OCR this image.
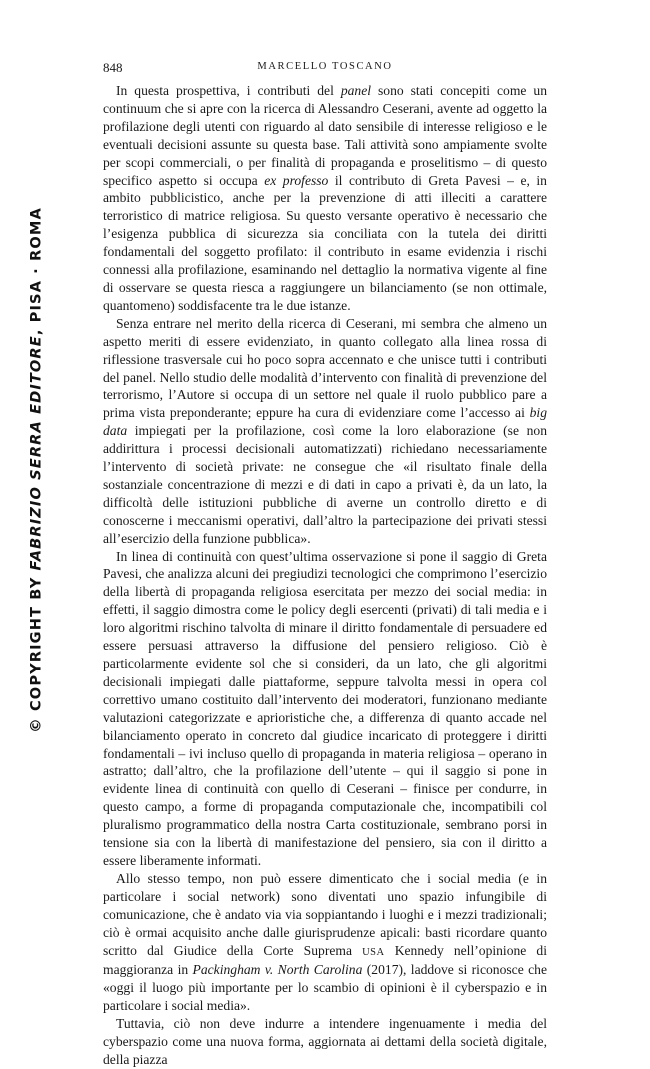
© COPYRIGHT BY FABRIZIO SERRA EDITORE, PISA · ROMA
848	MARCELLO TOSCANO

In questa prospettiva, i contributi del panel sono stati concepiti come un continuum che si apre con la ricerca di Alessandro Ceserani, avente ad oggetto la profilazione degli utenti con riguardo al dato sensibile di interesse religioso e le eventuali decisioni assunte su questa base. Tali attività sono ampiamente svolte per scopi commerciali, o per finalità di propaganda e proselitismo – di questo specifico aspetto si occupa ex professo il contributo di Greta Pavesi – e, in ambito pubblicistico, anche per la prevenzione di atti illeciti a carattere terroristico di matrice religiosa. Su questo versante operativo è necessario che l’esigenza pubblica di sicurezza sia conciliata con la tutela dei diritti fondamentali del soggetto profilato: il contributo in esame evidenzia i rischi connessi alla profilazione, esaminando nel dettaglio la normativa vigente al fine di osservare se questa riesca a raggiungere un bilanciamento (se non ottimale, quantomeno) soddisfacente tra le due istanze.

Senza entrare nel merito della ricerca di Ceserani, mi sembra che almeno un aspetto meriti di essere evidenziato, in quanto collegato alla linea rossa di riflessione trasversale cui ho poco sopra accennato e che unisce tutti i contributi del panel. Nello studio delle modalità d’intervento con finalità di prevenzione del terrorismo, l’Autore si occupa di un settore nel quale il ruolo pubblico pare a prima vista preponderante; eppure ha cura di evidenziare come l’accesso ai big data impiegati per la profilazione, così come la loro elaborazione (se non addirittura i processi decisionali automatizzati) richiedano necessariamente l’intervento di società private: ne consegue che «il risultato finale della sostanziale concentrazione di mezzi e di dati in capo a privati è, da un lato, la difficoltà delle istituzioni pubbliche di averne un controllo diretto e di conoscerne i meccanismi operativi, dall’altro la partecipazione dei privati stessi all’esercizio della funzione pubblica».

In linea di continuità con quest’ultima osservazione si pone il saggio di Greta Pavesi, che analizza alcuni dei pregiudizi tecnologici che comprimono l’esercizio della libertà di propaganda religiosa esercitata per mezzo dei social media: in effetti, il saggio dimostra come le policy degli esercenti (privati) di tali media e i loro algoritmi rischino talvolta di minare il diritto fondamentale di persuadere ed essere persuasi attraverso la diffusione del pensiero religioso. Ciò è particolarmente evidente sol che si consideri, da un lato, che gli algoritmi decisionali impiegati dalle piattaforme, seppure talvolta messi in opera col correttivo umano costituito dall’intervento dei moderatori, funzionano mediante valutazioni categorizzate e aprioristiche che, a differenza di quanto accade nel bilanciamento operato in concreto dal giudice incaricato di proteggere i diritti fondamentali – ivi incluso quello di propaganda in materia religiosa – operano in astratto; dall’altro, che la profilazione dell’utente – qui il saggio si pone in evidente linea di continuità con quello di Ceserani – finisce per condurre, in questo campo, a forme di propaganda computazionale che, incompatibili col pluralismo programmatico della nostra Carta costituzionale, sembrano porsi in tensione sia con la libertà di manifestazione del pensiero, sia con il diritto a essere liberamente informati.

Allo stesso tempo, non può essere dimenticato che i social media (e in particolare i social network) sono diventati uno spazio infungibile di comunicazione, che è andato via via soppiantando i luoghi e i mezzi tradizionali; ciò è ormai acquisito anche dalle giurisprudenze apicali: basti ricordare quanto scritto dal Giudice della Corte Suprema USA Kennedy nell’opinione di maggioranza in Packingham v. North Carolina (2017), laddove si riconosce che «oggi il luogo più importante per lo scambio di opinioni è il cyberspazio e in particolare i social media».

Tuttavia, ciò non deve indurre a intendere ingenuamente i media del cyberspazio come una nuova forma, aggiornata ai dettami della società digitale, della piazza
